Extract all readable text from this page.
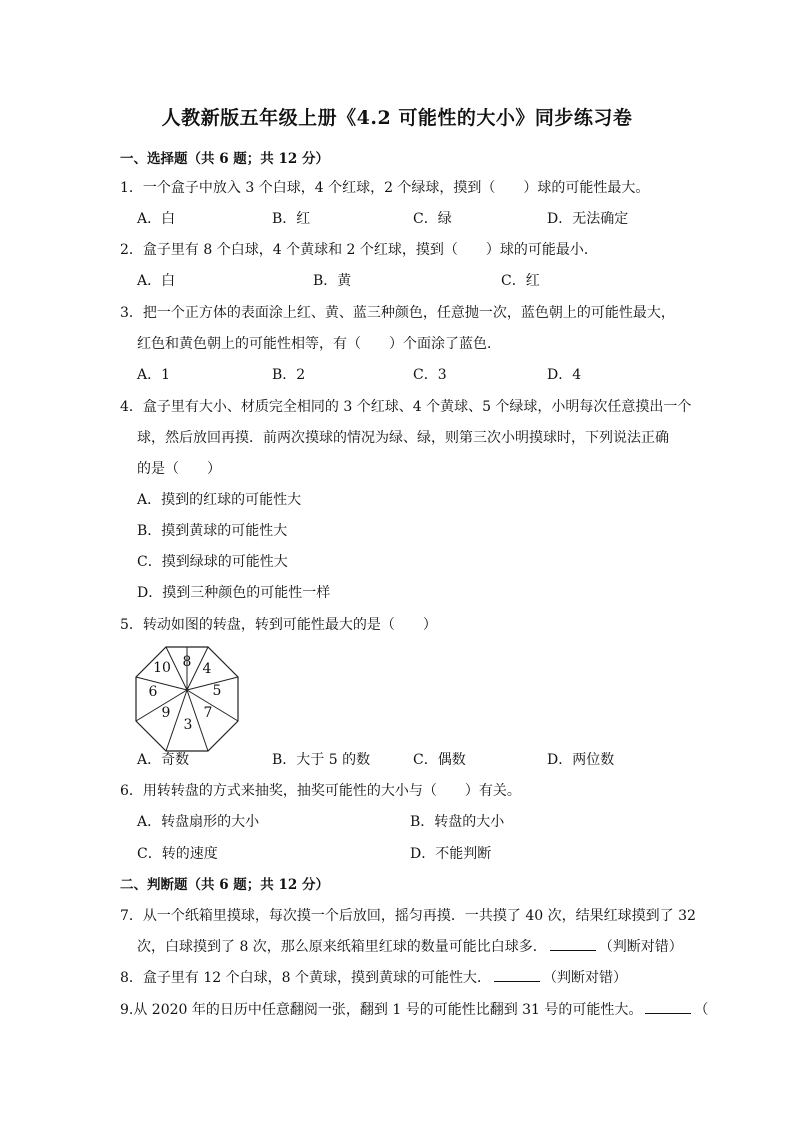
人教新版五年级上册《4.2 可能性的大小》同步练习卷
一、选择题（共 6 题；共 12 分）
1．一个盒子中放入 3 个白球，4 个红球，2 个绿球，摸到（　　）球的可能性最大。
A．白	B．红	C．绿	D．无法确定
2．盒子里有 8 个白球，4 个黄球和 2 个红球，摸到（　　）球的可能最小．
A．白	B．黄	C．红
3．把一个正方体的表面涂上红、黄、蓝三种颜色，任意抛一次，蓝色朝上的可能性最大，
红色和黄色朝上的可能性相等，有（　　）个面涂了蓝色．
A．1	B．2	C．3	D．4
4．盒子里有大小、材质完全相同的 3 个红球、4 个黄球、5 个绿球，小明每次任意摸出一个
球，然后放回再摸．前两次摸球的情况为绿、绿，则第三次小明摸球时，下列说法正确
的是（　　）
A．摸到的红球的可能性大
B．摸到黄球的可能性大
C．摸到绿球的可能性大
D．摸到三种颜色的可能性一样
5．转动如图的转盘，转到可能性最大的是（　　）
8 4
5
7
3
9
6
10
A．奇数	B．大于 5 的数	C．偶数	D．两位数
6．用转转盘的方式来抽奖，抽奖可能性的大小与（　　）有关。
A．转盘扇形的大小	B．转盘的大小
C．转的速度	D．不能判断
二、判断题（共 6 题；共 12 分）
7．从一个纸箱里摸球，每次摸一个后放回，摇匀再摸．一共摸了 40 次，结果红球摸到了 32
次，白球摸到了 8 次，那么原来纸箱里红球的数量可能比白球多．	（判断对错）
8．盒子里有 12 个白球，8 个黄球，摸到黄球的可能性大．	（判断对错）
9.从 2020 年的日历中任意翻阅一张，翻到 1 号的可能性比翻到 31 号的可能性大。	（
